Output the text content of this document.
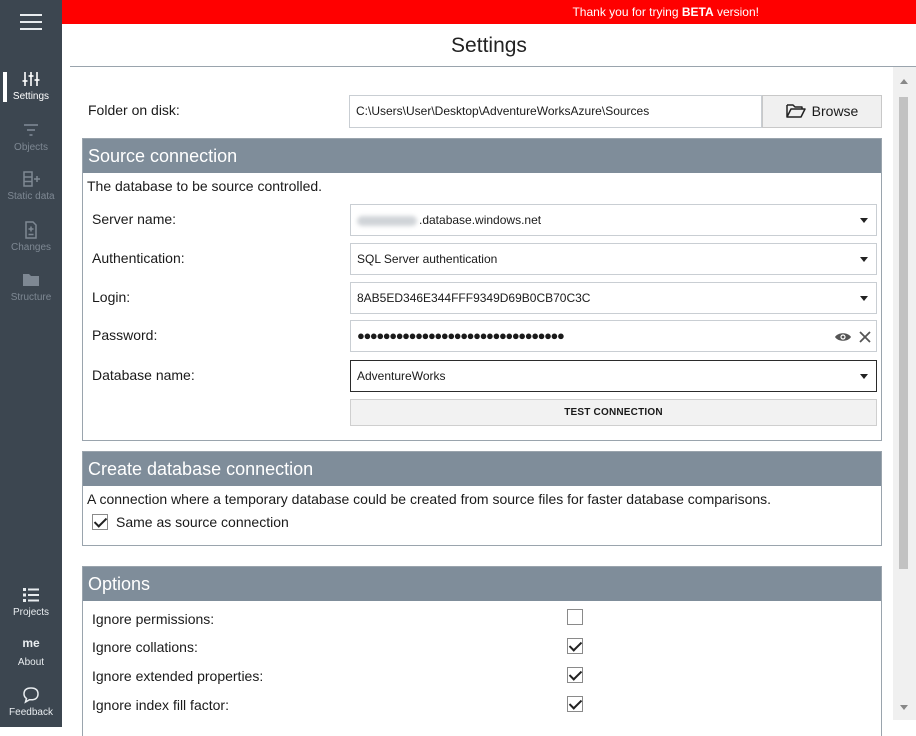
Settings
Objects
Static data
Changes
Structure
Projects
me
About
Feedback
Thank you for trying BETA version!
Settings
Folder on disk:	C:\Users\User\Desktop\AdventureWorksAzure\Sources	Browse
Source connection
The database to be source controlled.
Server name:	.database.windows.net
Authentication:	SQL Server authentication
Login:	8AB5ED346E344FFF9349D69B0CB70C3C
Password:	●●●●●●●●●●●●●●●●●●●●●●●●●●●●●●●●
Database name:	AdventureWorks
TEST CONNECTION
Create database connection
A connection where a temporary database could be created from source files for faster database comparisons.
Same as source connection
Options
Ignore permissions:
Ignore collations:
Ignore extended properties:
Ignore index fill factor:
